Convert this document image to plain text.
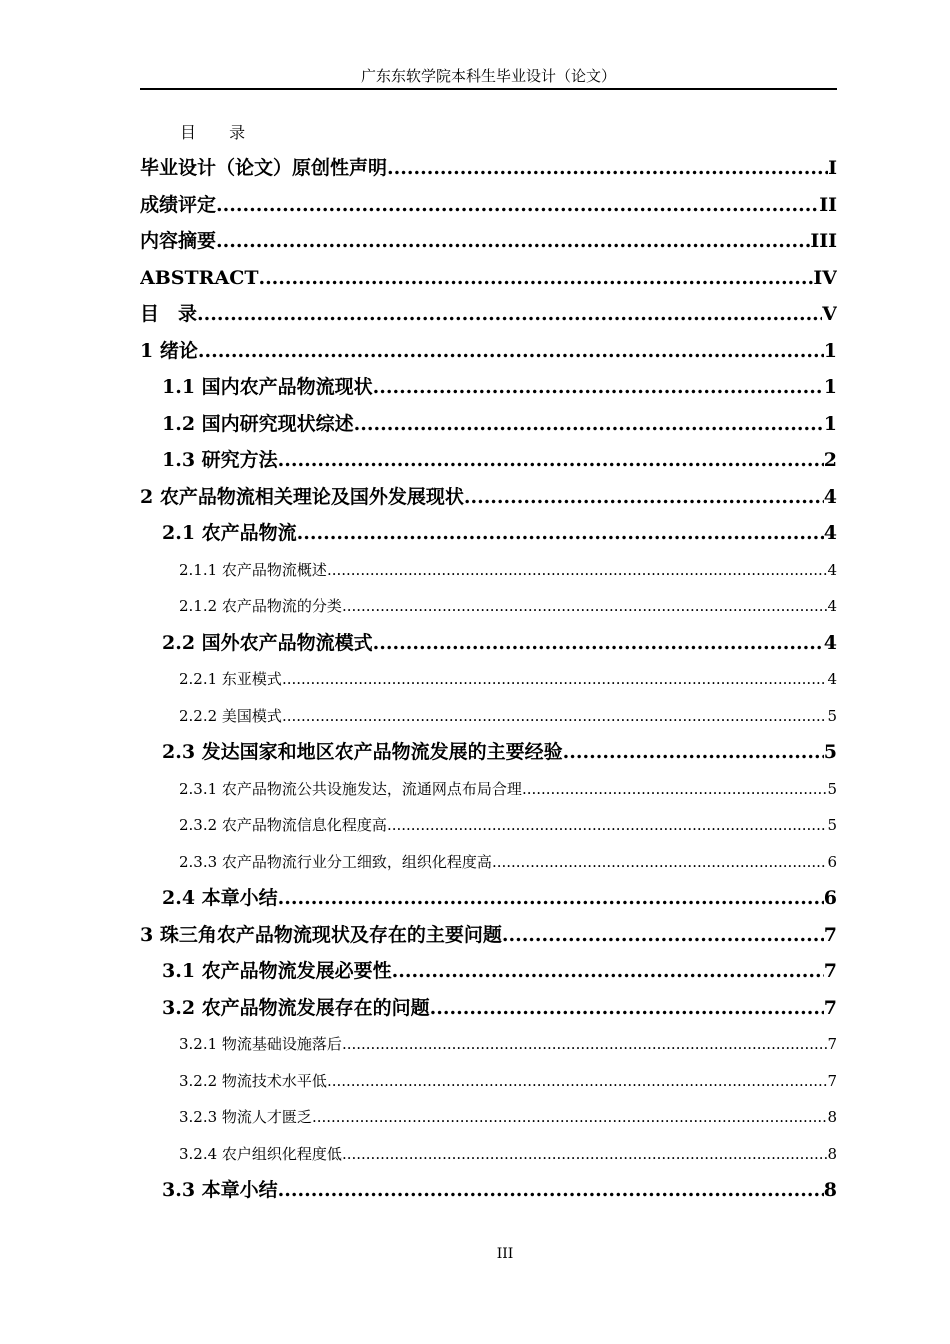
广东东软学院本科生毕业设计（论文）
目 录
毕业设计（论文）原创性声明 .....	I
成绩评定 .....	II
内容摘要 .....	III
ABSTRACT .....	IV
目　录 .....	V
1 绪论 .....	1
1.1 国内农产品物流现状 .....	1
1.2 国内研究现状综述 .....	1
1.3 研究方法 .....	2
2 农产品物流相关理论及国外发展现状 .....	4
2.1 农产品物流 .....	4
2.1.1 农产品物流概述 .....	4
2.1.2 农产品物流的分类 .....	4
2.2 国外农产品物流模式 .....	4
2.2.1 东亚模式 .....	4
2.2.2 美国模式 .....	5
2.3 发达国家和地区农产品物流发展的主要经验 .....	5
2.3.1 农产品物流公共设施发达，流通网点布局合理 .....	5
2.3.2 农产品物流信息化程度高 .....	5
2.3.3 农产品物流行业分工细致，组织化程度高 .....	6
2.4 本章小结 .....	6
3 珠三角农产品物流现状及存在的主要问题 .....	7
3.1 农产品物流发展必要性 .....	7
3.2 农产品物流发展存在的问题 .....	7
3.2.1 物流基础设施落后 .....	7
3.2.2 物流技术水平低 .....	7
3.2.3 物流人才匮乏 .....	8
3.2.4 农户组织化程度低 .....	8
3.3 本章小结 .....	8
III
